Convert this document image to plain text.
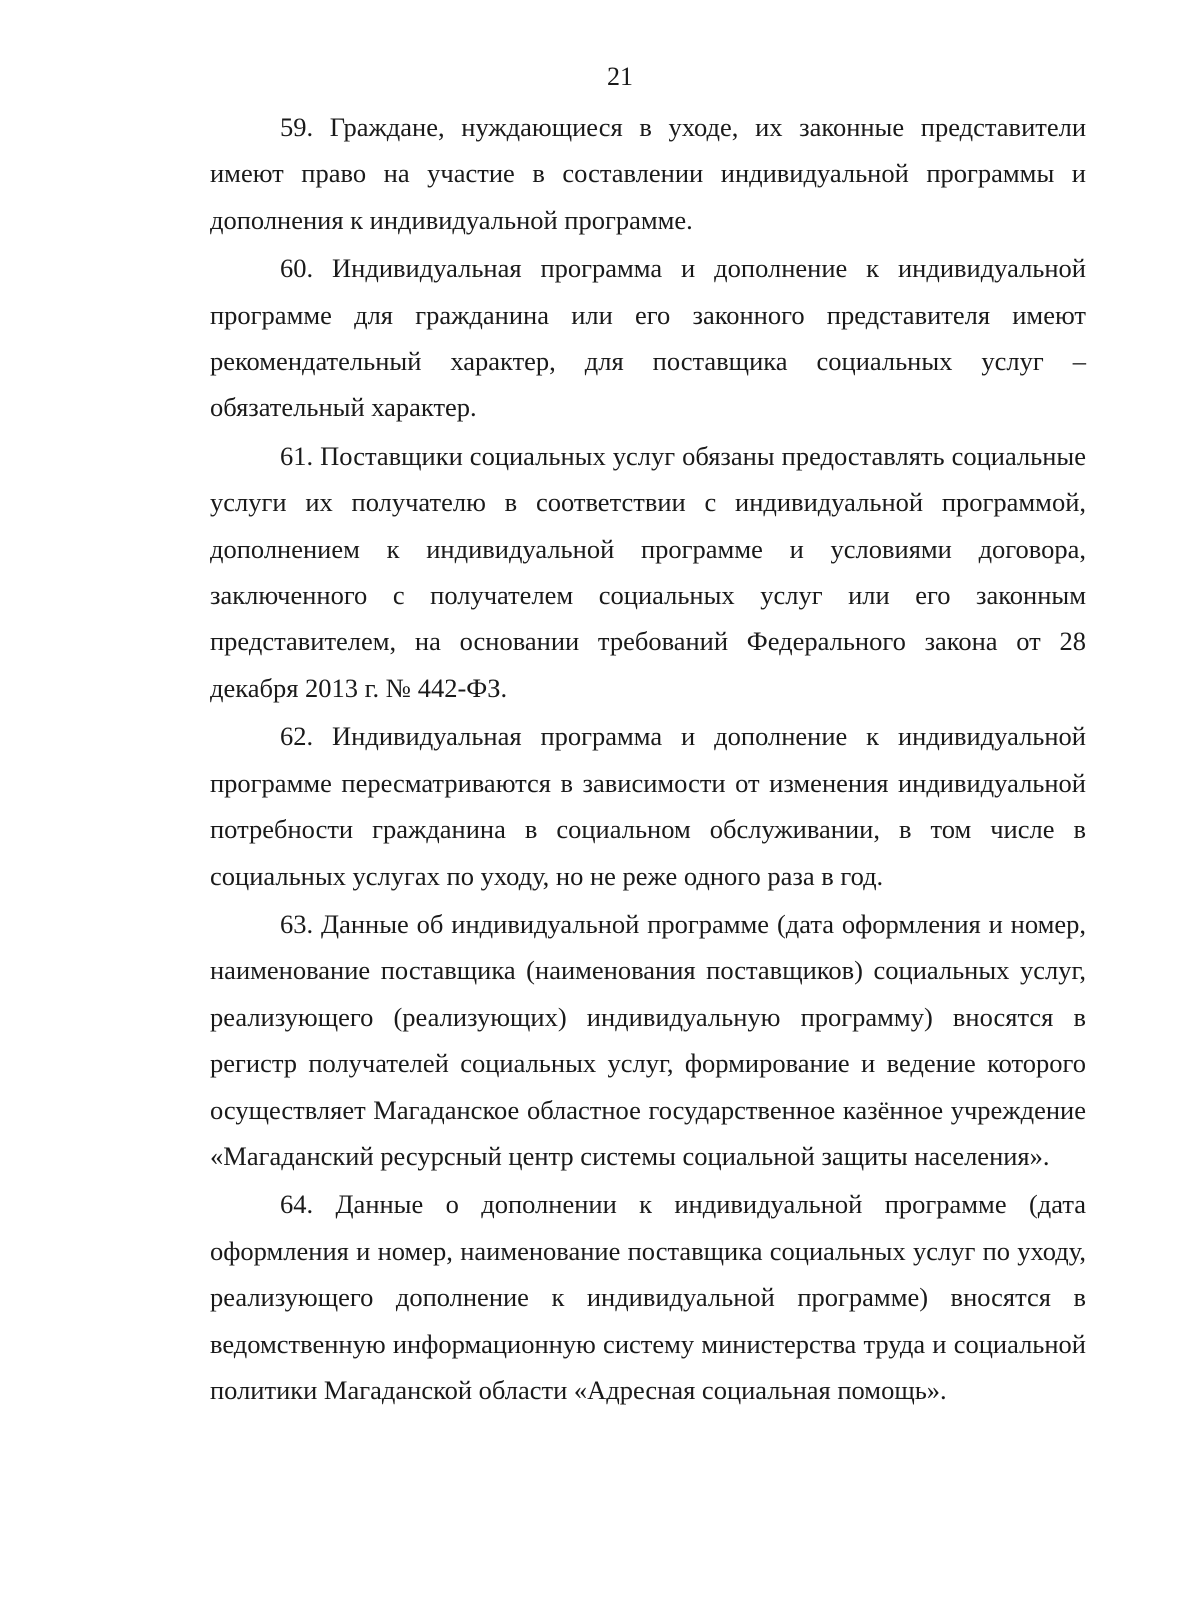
21

59. Граждане, нуждающиеся в уходе, их законные представители имеют право на участие в составлении индивидуальной программы и дополнения к индивидуальной программе.

60. Индивидуальная программа и дополнение к индивидуальной программе для гражданина или его законного представителя имеют рекомендательный характер, для поставщика социальных услуг – обязательный характер.

61. Поставщики социальных услуг обязаны предоставлять социальные услуги их получателю в соответствии с индивидуальной программой, дополнением к индивидуальной программе и условиями договора, заключенного с получателем социальных услуг или его законным представителем, на основании требований Федерального закона от 28 декабря 2013 г. № 442-ФЗ.

62. Индивидуальная программа и дополнение к индивидуальной программе пересматриваются в зависимости от изменения индивидуальной потребности гражданина в социальном обслуживании, в том числе в социальных услугах по уходу, но не реже одного раза в год.

63. Данные об индивидуальной программе (дата оформления и номер, наименование поставщика (наименования поставщиков) социальных услуг, реализующего (реализующих) индивидуальную программу) вносятся в регистр получателей социальных услуг, формирование и ведение которого осуществляет Магаданское областное государственное казённое учреждение «Магаданский ресурсный центр системы социальной защиты населения».

64. Данные о дополнении к индивидуальной программе (дата оформления и номер, наименование поставщика социальных услуг по уходу, реализующего дополнение к индивидуальной программе) вносятся в ведомственную информационную систему министерства труда и социальной политики Магаданской области «Адресная социальная помощь».
